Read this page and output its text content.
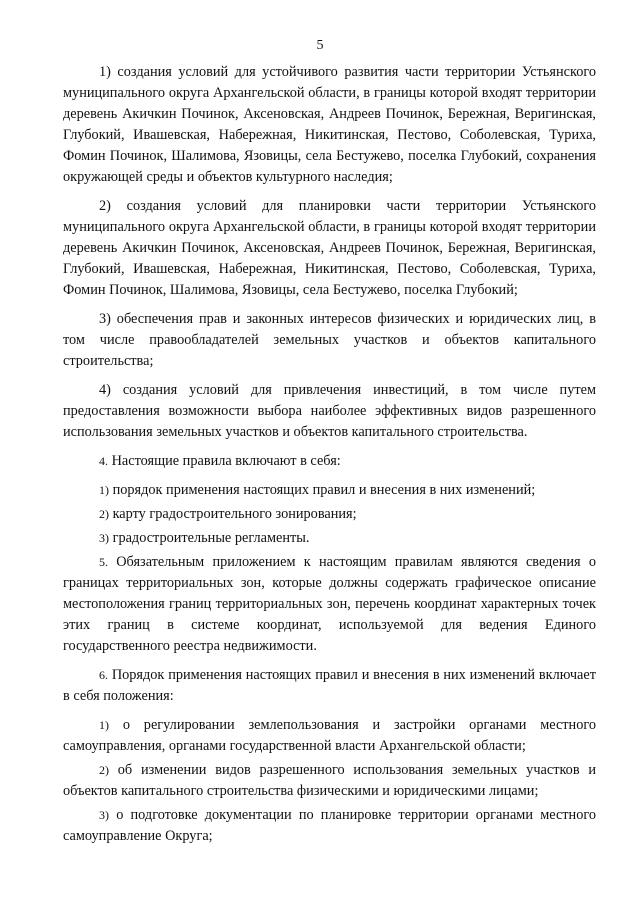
5

1) создания условий для устойчивого развития части территории Устьянского муниципального округа Архангельской области, в границы которой входят территории деревень Акичкин Починок, Аксеновская, Андреев Починок, Бережная, Веригинская, Глубокий, Ивашевская, Набережная, Никитинская, Пестово, Соболевская, Туриха, Фомин Починок, Шалимова, Язовицы, села Бестужево, поселка Глубокий, сохранения окружающей среды и объектов культурного наследия;

2) создания условий для планировки части территории Устьянского муниципального округа Архангельской области, в границы которой входят территории деревень Акичкин Починок, Аксеновская, Андреев Починок, Бережная, Веригинская, Глубокий, Ивашевская, Набережная, Никитинская, Пестово, Соболевская, Туриха, Фомин Починок, Шалимова, Язовицы, села Бестужево, поселка Глубокий;

3) обеспечения прав и законных интересов физических и юридических лиц, в том числе правообладателей земельных участков и объектов капитального строительства;

4) создания условий для привлечения инвестиций, в том числе путем предоставления возможности выбора наиболее эффективных видов разрешенного использования земельных участков и объектов капитального строительства.

4. Настоящие правила включают в себя:

1) порядок применения настоящих правил и внесения в них изменений;

2) карту градостроительного зонирования;

3) градостроительные регламенты.

5. Обязательным приложением к настоящим правилам являются сведения о границах территориальных зон, которые должны содержать графическое описание местоположения границ территориальных зон, перечень координат характерных точек этих границ в системе координат, используемой для ведения Единого государственного реестра недвижимости.

6. Порядок применения настоящих правил и внесения в них изменений включает в себя положения:

1) о регулировании землепользования и застройки органами местного самоуправления, органами государственной власти Архангельской области;

2) об изменении видов разрешенного использования земельных участков и объектов капитального строительства физическими и юридическими лицами;

3) о подготовке документации по планировке территории органами местного самоуправление Округа;
